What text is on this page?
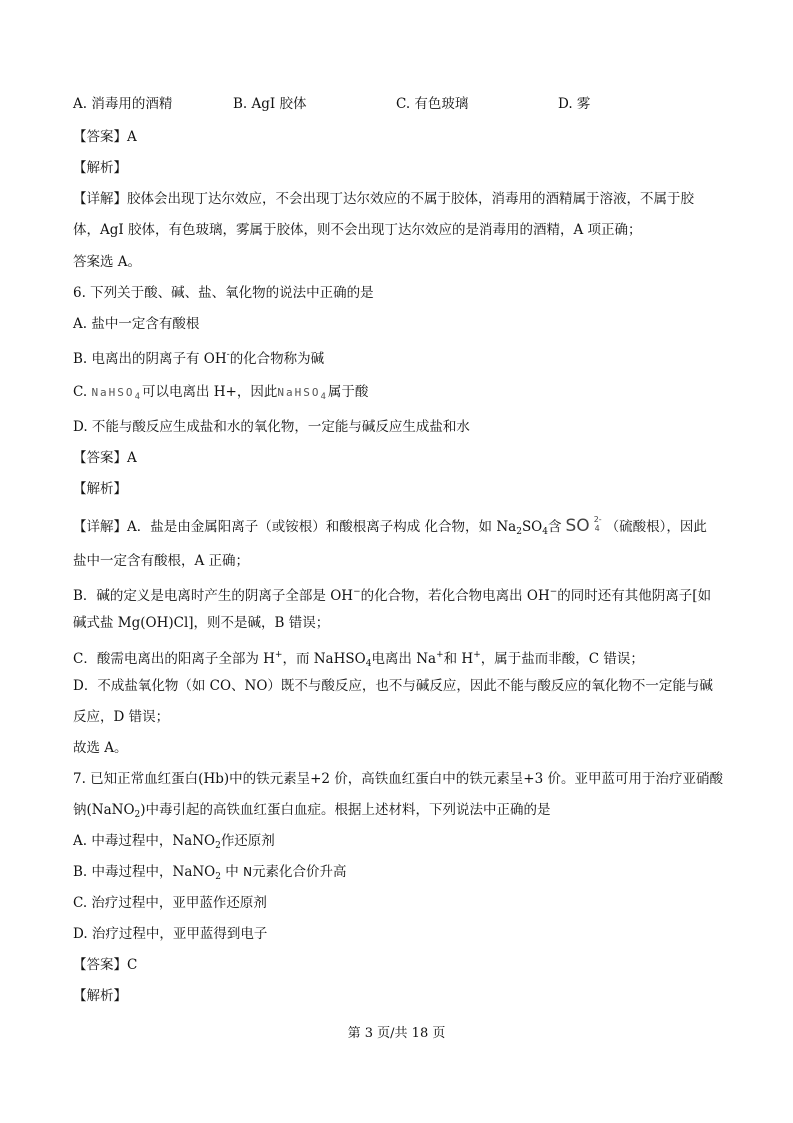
A. 消毒用的酒精	B. AgI 胶体	C. 有色玻璃	D. 雾
【答案】A
【解析】
【详解】胶体会出现丁达尔效应，不会出现丁达尔效应的不属于胶体，消毒用的酒精属于溶液，不属于胶
体，AgI 胶体，有色玻璃，雾属于胶体，则不会出现丁达尔效应的是消毒用的酒精，A 项正确；
答案选 A。
6. 下列关于酸、碱、盐、氧化物的说法中正确的是
A. 盐中一定含有酸根
B. 电离出的阴离子有 OH-的化合物称为碱
C. NaHSO$_4$可以电离出 H+，因此NaHSO$_4$属于酸
D. 不能与酸反应生成盐和水的氧化物，一定能与碱反应生成盐和水
【答案】A
【解析】
【详解】A．盐是由金属阳离子（或铵根）和酸根离子构成 化合物，如 $Na_2SO_4$含 SO 2-
4 （硫酸根），因此
盐中一定含有酸根，A 正确；
B．碱的定义是电离时产生的阴离子全部是 OH−的化合物，若化合物电离出 OH−的同时还有其他阴离子[如
碱式盐 Mg(OH)Cl]，则不是碱，B 错误；
C．酸需电离出的阳离子全部为 H+，而 NaHSO$_4$电离出 Na+和 H+，属于盐而非酸，C 错误；
D．不成盐氧化物（如 CO、NO）既不与酸反应，也不与碱反应，因此不能与酸反应的氧化物不一定能与碱
反应，D 错误；
故选 A。
7. 已知正常血红蛋白(Hb)中的铁元素呈+2 价，高铁血红蛋白中的铁元素呈+3 价。亚甲蓝可用于治疗亚硝酸
钠(NaNO$_2$)中毒引起的高铁血红蛋白血症。根据上述材料，下列说法中正确的是
A. 中毒过程中，NaNO$_2$作还原剂
B. 中毒过程中，NaNO$_2$ 中 N元素化合价升高
C. 治疗过程中，亚甲蓝作还原剂
D. 治疗过程中，亚甲蓝得到电子
【答案】C
【解析】
第 3 页/共 18 页
